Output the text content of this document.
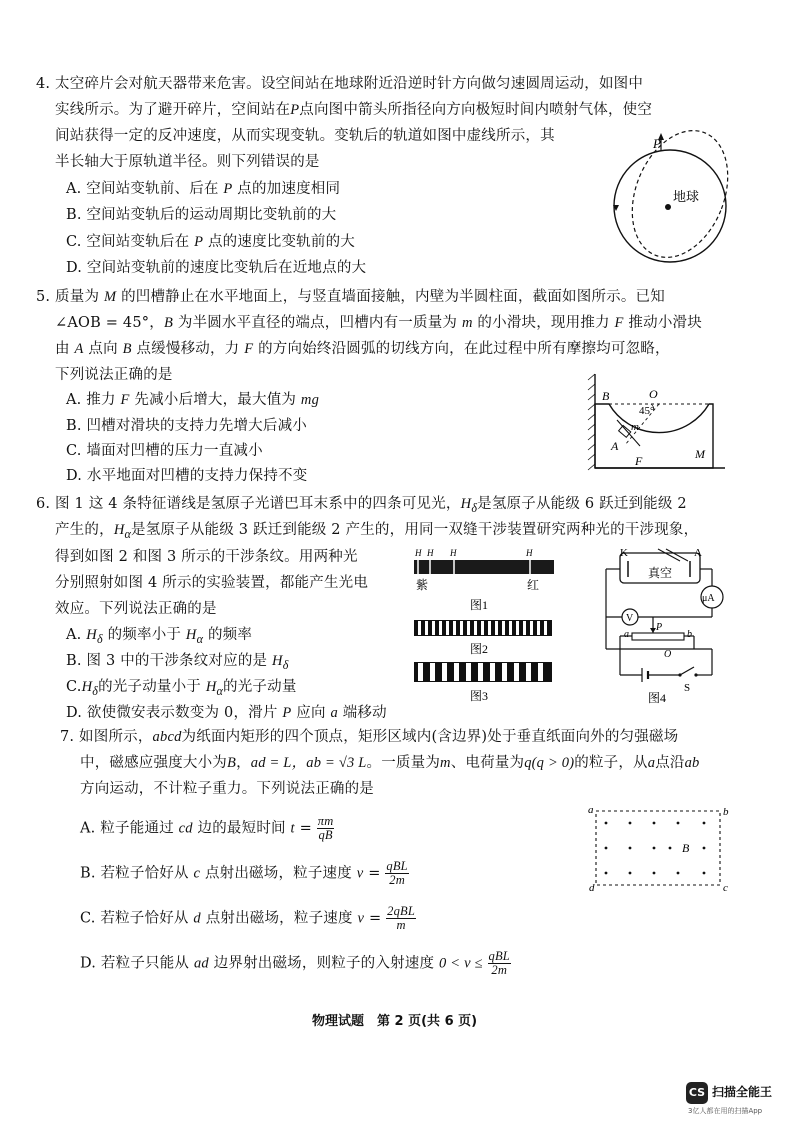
4. 太空碎片会对航天器带来危害。设空间站在地球附近沿逆时针方向做匀速圆周运动，如图中
实线所示。为了避开碎片，空间站在P点向图中箭头所指径向方向极短时间内喷射气体，使空
间站获得一定的反冲速度，从而实现变轨。变轨后的轨道如图中虚线所示，其
半长轴大于原轨道半径。则下列错误的是
A. 空间站变轨前、后在 P 点的加速度相同
B. 空间站变轨后的运动周期比变轨前的大
C. 空间站变轨后在 P 点的速度比变轨前的大
D. 空间站变轨前的速度比变轨后在近地点的大
P
地球
5. 质量为 M 的凹槽静止在水平地面上，与竖直墙面接触，内壁为半圆柱面，截面如图所示。已知
∠AOB = 45°，B 为半圆水平直径的端点，凹槽内有一质量为 m 的小滑块，现用推力 F 推动小滑块
由 A 点向 B 点缓慢移动，力 F 的方向始终沿圆弧的切线方向，在此过程中所有摩擦均可忽略，
下列说法正确的是
A. 推力 F 先减小后增大，最大值为 mg
B. 凹槽对滑块的支持力先增大后减小
C. 墙面对凹槽的压力一直减小
D. 水平地面对凹槽的支持力保持不变
B	O
45°
m
A
F	M
6. 图 1 这 4 条特征谱线是氢原子光谱巴耳末系中的四条可见光，$H_\delta$是氢原子从能级 6 跃迁到能级 2
产生的，$H_\alpha$是氢原子从能级 3 跃迁到能级 2 产生的，用同一双缝干涉装置研究两种光的干涉现象，
得到如图 2 和图 3 所示的干涉条纹。用两种光
分别照射如图 4 所示的实验装置，都能产生光电
效应。下列说法正确的是
A. $H_\delta$ 的频率小于 $H_\alpha$ 的频率
B. 图 3 中的干涉条纹对应的是 $H_\delta$
$C.H_\delta$的光子动量小于 $H_\alpha$的光子动量
D. 欲使微安表示数变为 0，滑片 P 应向 a 端移动
H H H	H
紫	红
图1
图2
图3
K	A
真空
μA
V
a
P
b
O
S
图4
7. 如图所示，abcd为纸面内矩形的四个顶点，矩形区域内(含边界)处于垂直纸面向外的匀强磁场
中，磁感应强度大小为B，ad = L，ab = √3 L。一质量为m、电荷量为q(q > 0)的粒子，从a点沿ab
方向运动，不计粒子重力。下列说法正确的是
A. 粒子能通过 cd 边的最短时间 $t = \frac{\pi m}{qB}$
B. 若粒子恰好从 c 点射出磁场，粒子速度 $v = \frac{\text{qBL}}{2m}$
C. 若粒子恰好从 d 点射出磁场，粒子速度 $v = \frac{\text{2qBL}}{m}$
D. 若粒子只能从 ad 边界射出磁场，则粒子的入射速度 $0 < v \le \frac{\text{qBL}}{2m}$
a	b
c
d
B
物理试题　第 2 页(共 6 页)
CS 扫描全能王
3亿人都在用的扫描App
